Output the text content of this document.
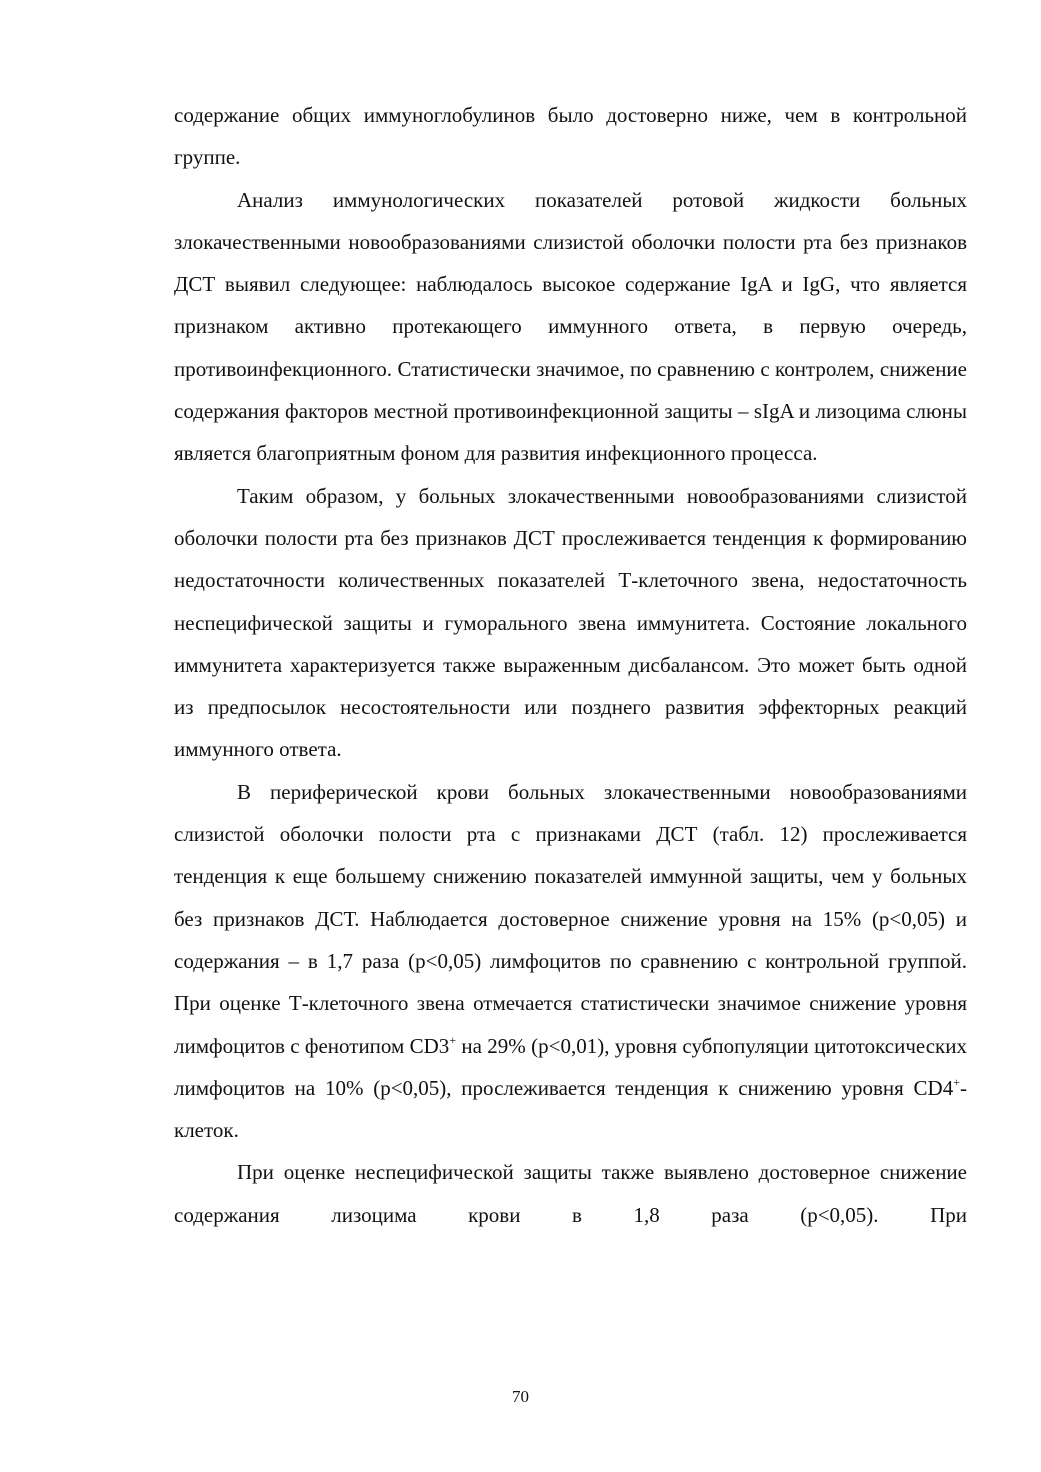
содержание общих иммуноглобулинов было достоверно ниже, чем в контрольной группе.

Анализ иммунологических показателей ротовой жидкости больных злокачественными новообразованиями слизистой оболочки полости рта без признаков ДСТ выявил следующее: наблюдалось высокое содержание IgA и IgG, что является признаком активно протекающего иммунного ответа, в первую очередь, противоинфекционного. Статистически значимое, по сравнению с контролем, снижение содержания факторов местной противоинфекционной защиты – sIgA и лизоцима слюны является благоприятным фоном для развития инфекционного процесса.

Таким образом, у больных злокачественными новообразованиями слизистой оболочки полости рта без признаков ДСТ прослеживается тенденция к формированию недостаточности количественных показателей Т-клеточного звена, недостаточность неспецифической защиты и гуморального звена иммунитета. Состояние локального иммунитета характеризуется также выраженным дисбалансом. Это может быть одной из предпосылок несостоятельности или позднего развития эффекторных реакций иммунного ответа.

В периферической крови больных злокачественными новообразованиями слизистой оболочки полости рта с признаками ДСТ (табл. 12) прослеживается тенденция к еще большему снижению показателей иммунной защиты, чем у больных без признаков ДСТ. Наблюдается достоверное снижение уровня на 15% (p<0,05) и содержания – в 1,7 раза (p<0,05) лимфоцитов по сравнению с контрольной группой. При оценке Т-клеточного звена отмечается статистически значимое снижение уровня лимфоцитов с фенотипом CD3+ на 29% (p<0,01), уровня субпопуляции цитотоксических лимфоцитов на 10% (p<0,05), прослеживается тенденция к снижению уровня CD4+-клеток.

При оценке неспецифической защиты также выявлено достоверное снижение содержания лизоцима крови в 1,8 раза (p<0,05). При

70
